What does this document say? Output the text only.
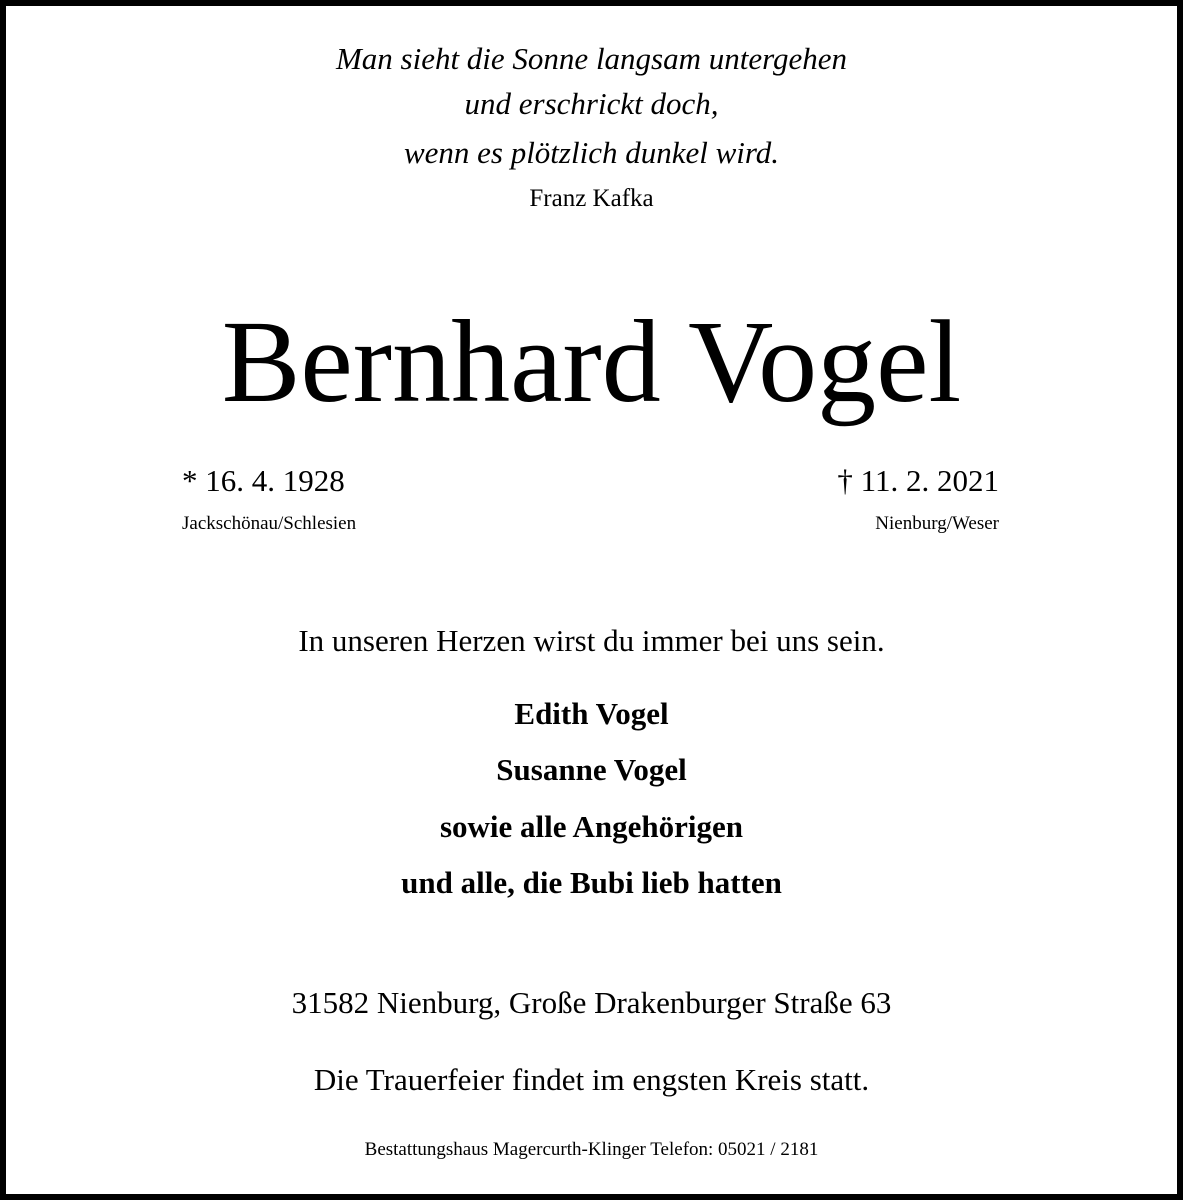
Man sieht die Sonne langsam untergehen
und erschrickt doch,
wenn es plötzlich dunkel wird.
Franz Kafka
Bernhard Vogel
* 16. 4. 1928
Jackschönau/Schlesien
† 11. 2. 2021
Nienburg/Weser
In unseren Herzen wirst du immer bei uns sein.
Edith Vogel
Susanne Vogel
sowie alle Angehörigen
und alle, die Bubi lieb hatten
31582 Nienburg, Große Drakenburger Straße 63
Die Trauerfeier findet im engsten Kreis statt.
Bestattungshaus Magercurth-Klinger Telefon: 05021 / 2181
